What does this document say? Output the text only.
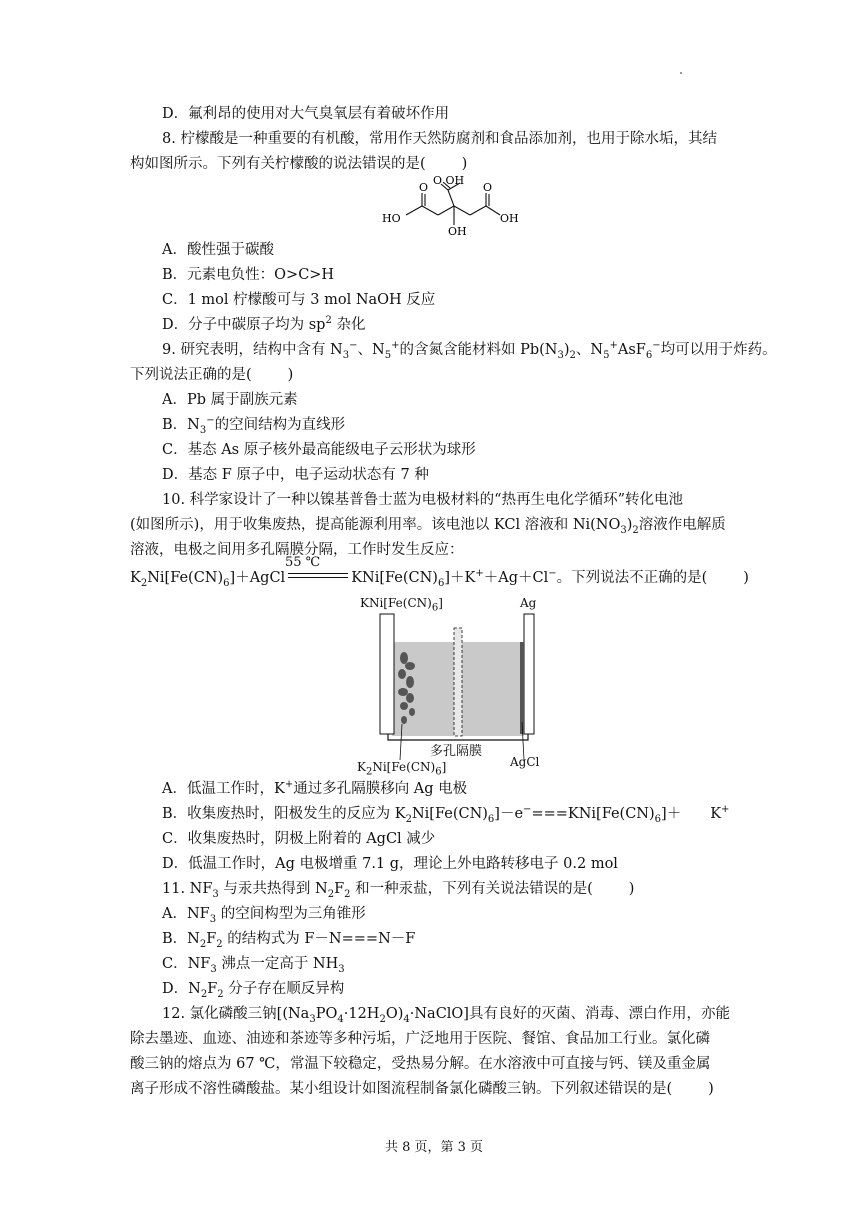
D．氟利昂的使用对大气臭氧层有着破坏作用
8. 柠檬酸是一种重要的有机酸，常用作天然防腐剂和食品添加剂，也用于除水垢，其结
构如图所示。下列有关柠檬酸的说法错误的是( )
HO
O
O OH
O
OH
OH
A．酸性强于碳酸
B．元素电负性：O>C>H
C．1 mol 柠檬酸可与 3 mol NaOH 反应
D．分子中碳原子均为 $sp^2$ 杂化
9. 研究表明，结构中含有 $N_3^-$、$N_5^+$的含氮含能材料如 $Pb(N_3)_2$、$N_5^+AsF_6^-$均可以用于炸药。
下列说法正确的是( )
A．Pb 属于副族元素
B．$N_3^-$的空间结构为直线形
C．基态 As 原子核外最高能级电子云形状为球形
D．基态 F 原子中，电子运动状态有 7 种
10. 科学家设计了一种以镍基普鲁士蓝为电极材料的“热再生电化学循环”转化电池
(如图所示)，用于收集废热，提高能源利用率。该电池以 KCl 溶液和 $Ni(NO_3)_2$溶液作电解质
溶液，电极之间用多孔隔膜分隔，工作时发生反应：
55 ℃
$K_2Ni[Fe(CN)_6]+AgCl$	$KNi[Fe(CN)_6]+K^++Ag+Cl^-$。下列说法不正确的是( )
$KNi[Fe(CN)_6]$	Ag
多孔隔膜
$K_2Ni[Fe(CN)_6]$	AgCl
A．低温工作时，K+通过多孔隔膜移向 Ag 电极
B．收集废热时，阳极发生的反应为 $K_2Ni[Fe(CN)_6]-e^-===KNi[Fe(CN)_6]+$　　K+
C．收集废热时，阴极上附着的 AgCl 减少
D．低温工作时，Ag 电极增重 7.1 g，理论上外电路转移电子 0.2 mol
11. $NF_3$ 与汞共热得到 $N_2F_2$ 和一种汞盐，下列有关说法错误的是( )
A．$NF_3$ 的空间构型为三角锥形
B．$N_2F_2$ 的结构式为 F－N===N－F
C．$NF_3$ 沸点一定高于 $NH_3$
D．$N_2F_2$ 分子存在顺反异构
12. 氯化磷酸三钠$[(Na_3PO_4\cdot 12H_2O)_4\cdot NaClO]$具有良好的灭菌、消毒、漂白作用，亦能
除去墨迹、血迹、油迹和茶迹等多种污垢，广泛地用于医院、餐馆、食品加工行业。氯化磷
酸三钠的熔点为 67 ℃，常温下较稳定，受热易分解。在水溶液中可直接与钙、镁及重金属
离子形成不溶性磷酸盐。某小组设计如图流程制备氯化磷酸三钠。下列叙述错误的是( )
共 8 页，第 3 页
